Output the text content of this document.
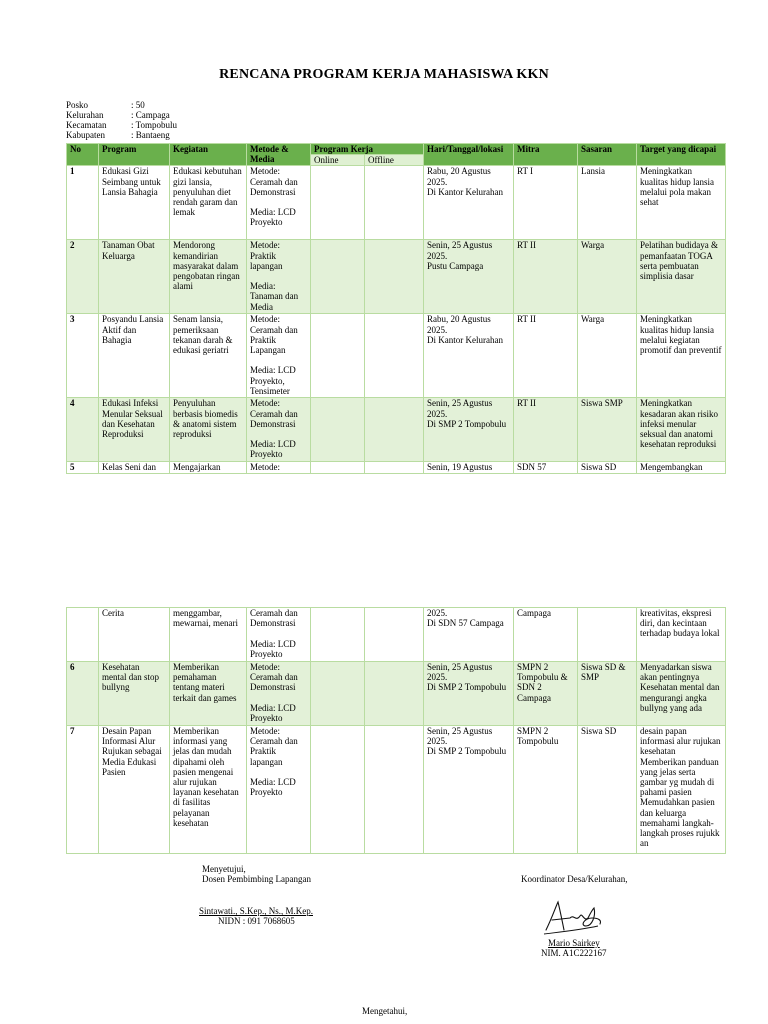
RENCANA PROGRAM KERJA MAHASISWA KKN
Posko	: 50
Kelurahan	: Campaga
Kecamatan	: Tompobulu
Kabupaten	: Bantaeng
No	Program	Kegiatan	Metode & Media	Program Kerja		Hari/Tanggal/lokasi	Mitra	Sasaran	Target yang dicapai
				Online	Offline				
1	Edukasi Gizi Seimbang untuk Lansia Bahagia	Edukasi kebutuhan gizi lansia, penyuluhan diet rendah garam dan lemak	Metode:
Ceramah dan Demonstrasi

Media: LCD Proyekto			Rabu, 20 Agustus 2025.
Di Kantor Kelurahan	RT I	Lansia	Meningkatkan kualitas hidup lansia melalui pola makan sehat
2	Tanaman Obat Keluarga	Mendorong kemandirian masyarakat dalam pengobatan ringan alami	Metode:
Praktik lapangan

Media:
Tanaman dan Media			Senin, 25 Agustus 2025.
Pustu Campaga	RT II	Warga	Pelatihan budidaya & pemanfaatan TOGA serta pembuatan simplisia dasar
3	Posyandu Lansia Aktif dan Bahagia	Senam lansia, pemeriksaan tekanan darah & edukasi geriatri	Metode:
Ceramah dan Praktik Lapangan

Media: LCD Proyekto, Tensimeter			Rabu, 20 Agustus 2025.
Di Kantor Kelurahan	RT II	Warga	Meningkatkan kualitas hidup lansia melalui kegiatan promotif dan preventif
4	Edukasi Infeksi Menular Seksual dan Kesehatan Reproduksi	Penyuluhan berbasis biomedis & anatomi sistem reproduksi	Metode:
Ceramah dan Demonstrasi

Media: LCD Proyekto			Senin, 25 Agustus 2025.
Di SMP 2 Tompobulu	RT II	Siswa SMP	Meningkatkan kesadaran akan risiko infeksi menular seksual dan anatomi kesehatan reproduksi
5	Kelas Seni dan	Mengajarkan	Metode:			Senin, 19 Agustus	SDN 57	Siswa SD	Mengembangkan
	Cerita	menggambar, mewarnai, menari	Ceramah dan Demonstrasi

Media: LCD Proyekto			2025.
Di SDN 57 Campaga	Campaga		kreativitas, ekspresi diri, dan kecintaan terhadap budaya lokal
6	Kesehatan mental dan stop bullyng	Memberikan pemahaman tentang materi terkait dan games	Metode:
Ceramah dan Demonstrasi

Media: LCD Proyekto			Senin, 25 Agustus 2025.
Di SMP 2 Tompobulu	SMPN 2 Tompobulu & SDN 2 Campaga	Siswa SD & SMP	Menyadarkan siswa akan pentingnya Kesehatan mental dan mengurangi angka bullyng yang ada
7	Desain Papan Informasi Alur Rujukan sebagai Media Edukasi Pasien	Memberikan informasi yang jelas dan mudah dipahami oleh pasien mengenai alur rujukan layanan kesehatan di fasilitas pelayanan kesehatan	Metode:
Ceramah dan Praktik lapangan

Media: LCD Proyekto			Senin, 25 Agustus 2025.
Di SMP 2 Tompobulu	SMPN 2 Tompobulu	Siswa SD	desain papan informasi alur rujukan kesehatan Memberikan panduan yang jelas serta gambar yg mudah di pahami pasien Memudahkan pasien dan keluarga memahami langkah-langkah proses rujukk an
Menyetujui,
Dosen Pembimbing Lapangan
Sintawati., S.Kep., Ns., M.Kep.
NIDN : 091 7068605
Koordinator Desa/Kelurahan,
Mario Sairkey
NIM. A1C222167
Mengetahui,
